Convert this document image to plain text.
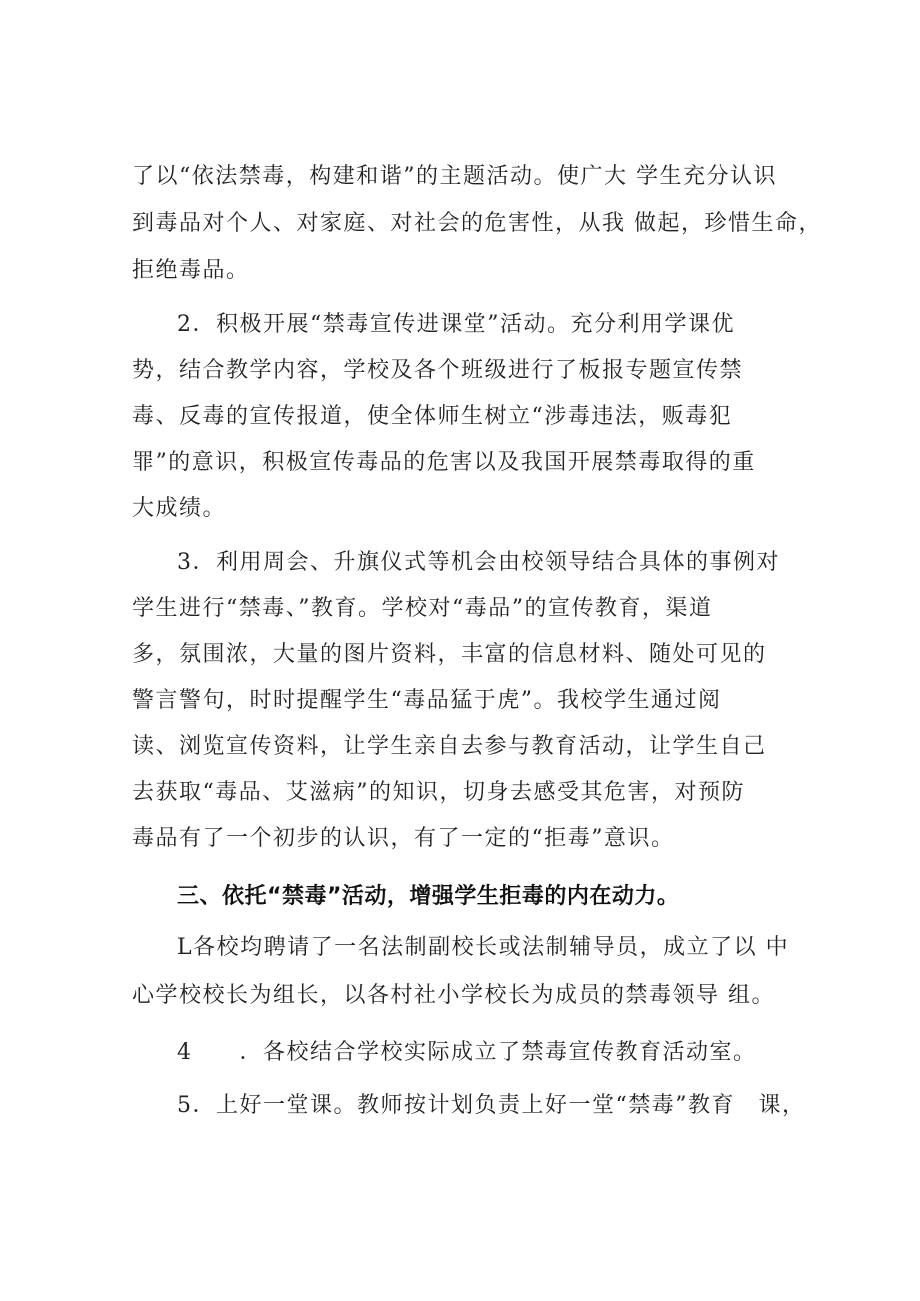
了以“依法禁毒，构建和谐”的主题活动。使广大 学生充分认识
到毒品对个人、对家庭、对社会的危害性，从我 做起，珍惜生命，
拒绝毒品。
2．积极开展“禁毒宣传进课堂”活动。充分利用学课优
势，结合教学内容，学校及各个班级进行了板报专题宣传禁
毒、反毒的宣传报道，使全体师生树立“涉毒违法，贩毒犯
罪”的意识，积极宣传毒品的危害以及我国开展禁毒取得的重
大成绩。
3．利用周会、升旗仪式等机会由校领导结合具体的事例对
学生进行“禁毒、”教育。学校对“毒品”的宣传教育，渠道
多，氛围浓，大量的图片资料，丰富的信息材料、随处可见的
警言警句，时时提醒学生“毒品猛于虎”。我校学生通过阅
读、浏览宣传资料，让学生亲自去参与教育活动，让学生自己
去获取“毒品、艾滋病”的知识，切身去感受其危害，对预防
毒品有了一个初步的认识，有了一定的“拒毒”意识。
三、依托“禁毒”活动，增强学生拒毒的内在动力。
L各校均聘请了一名法制副校长或法制辅导员，成立了以 中
心学校校长为组长，以各村社小学校长为成员的禁毒领导 组。
4　　．各校结合学校实际成立了禁毒宣传教育活动室。
5．上好一堂课。教师按计划负责上好一堂“禁毒”教育　课，
